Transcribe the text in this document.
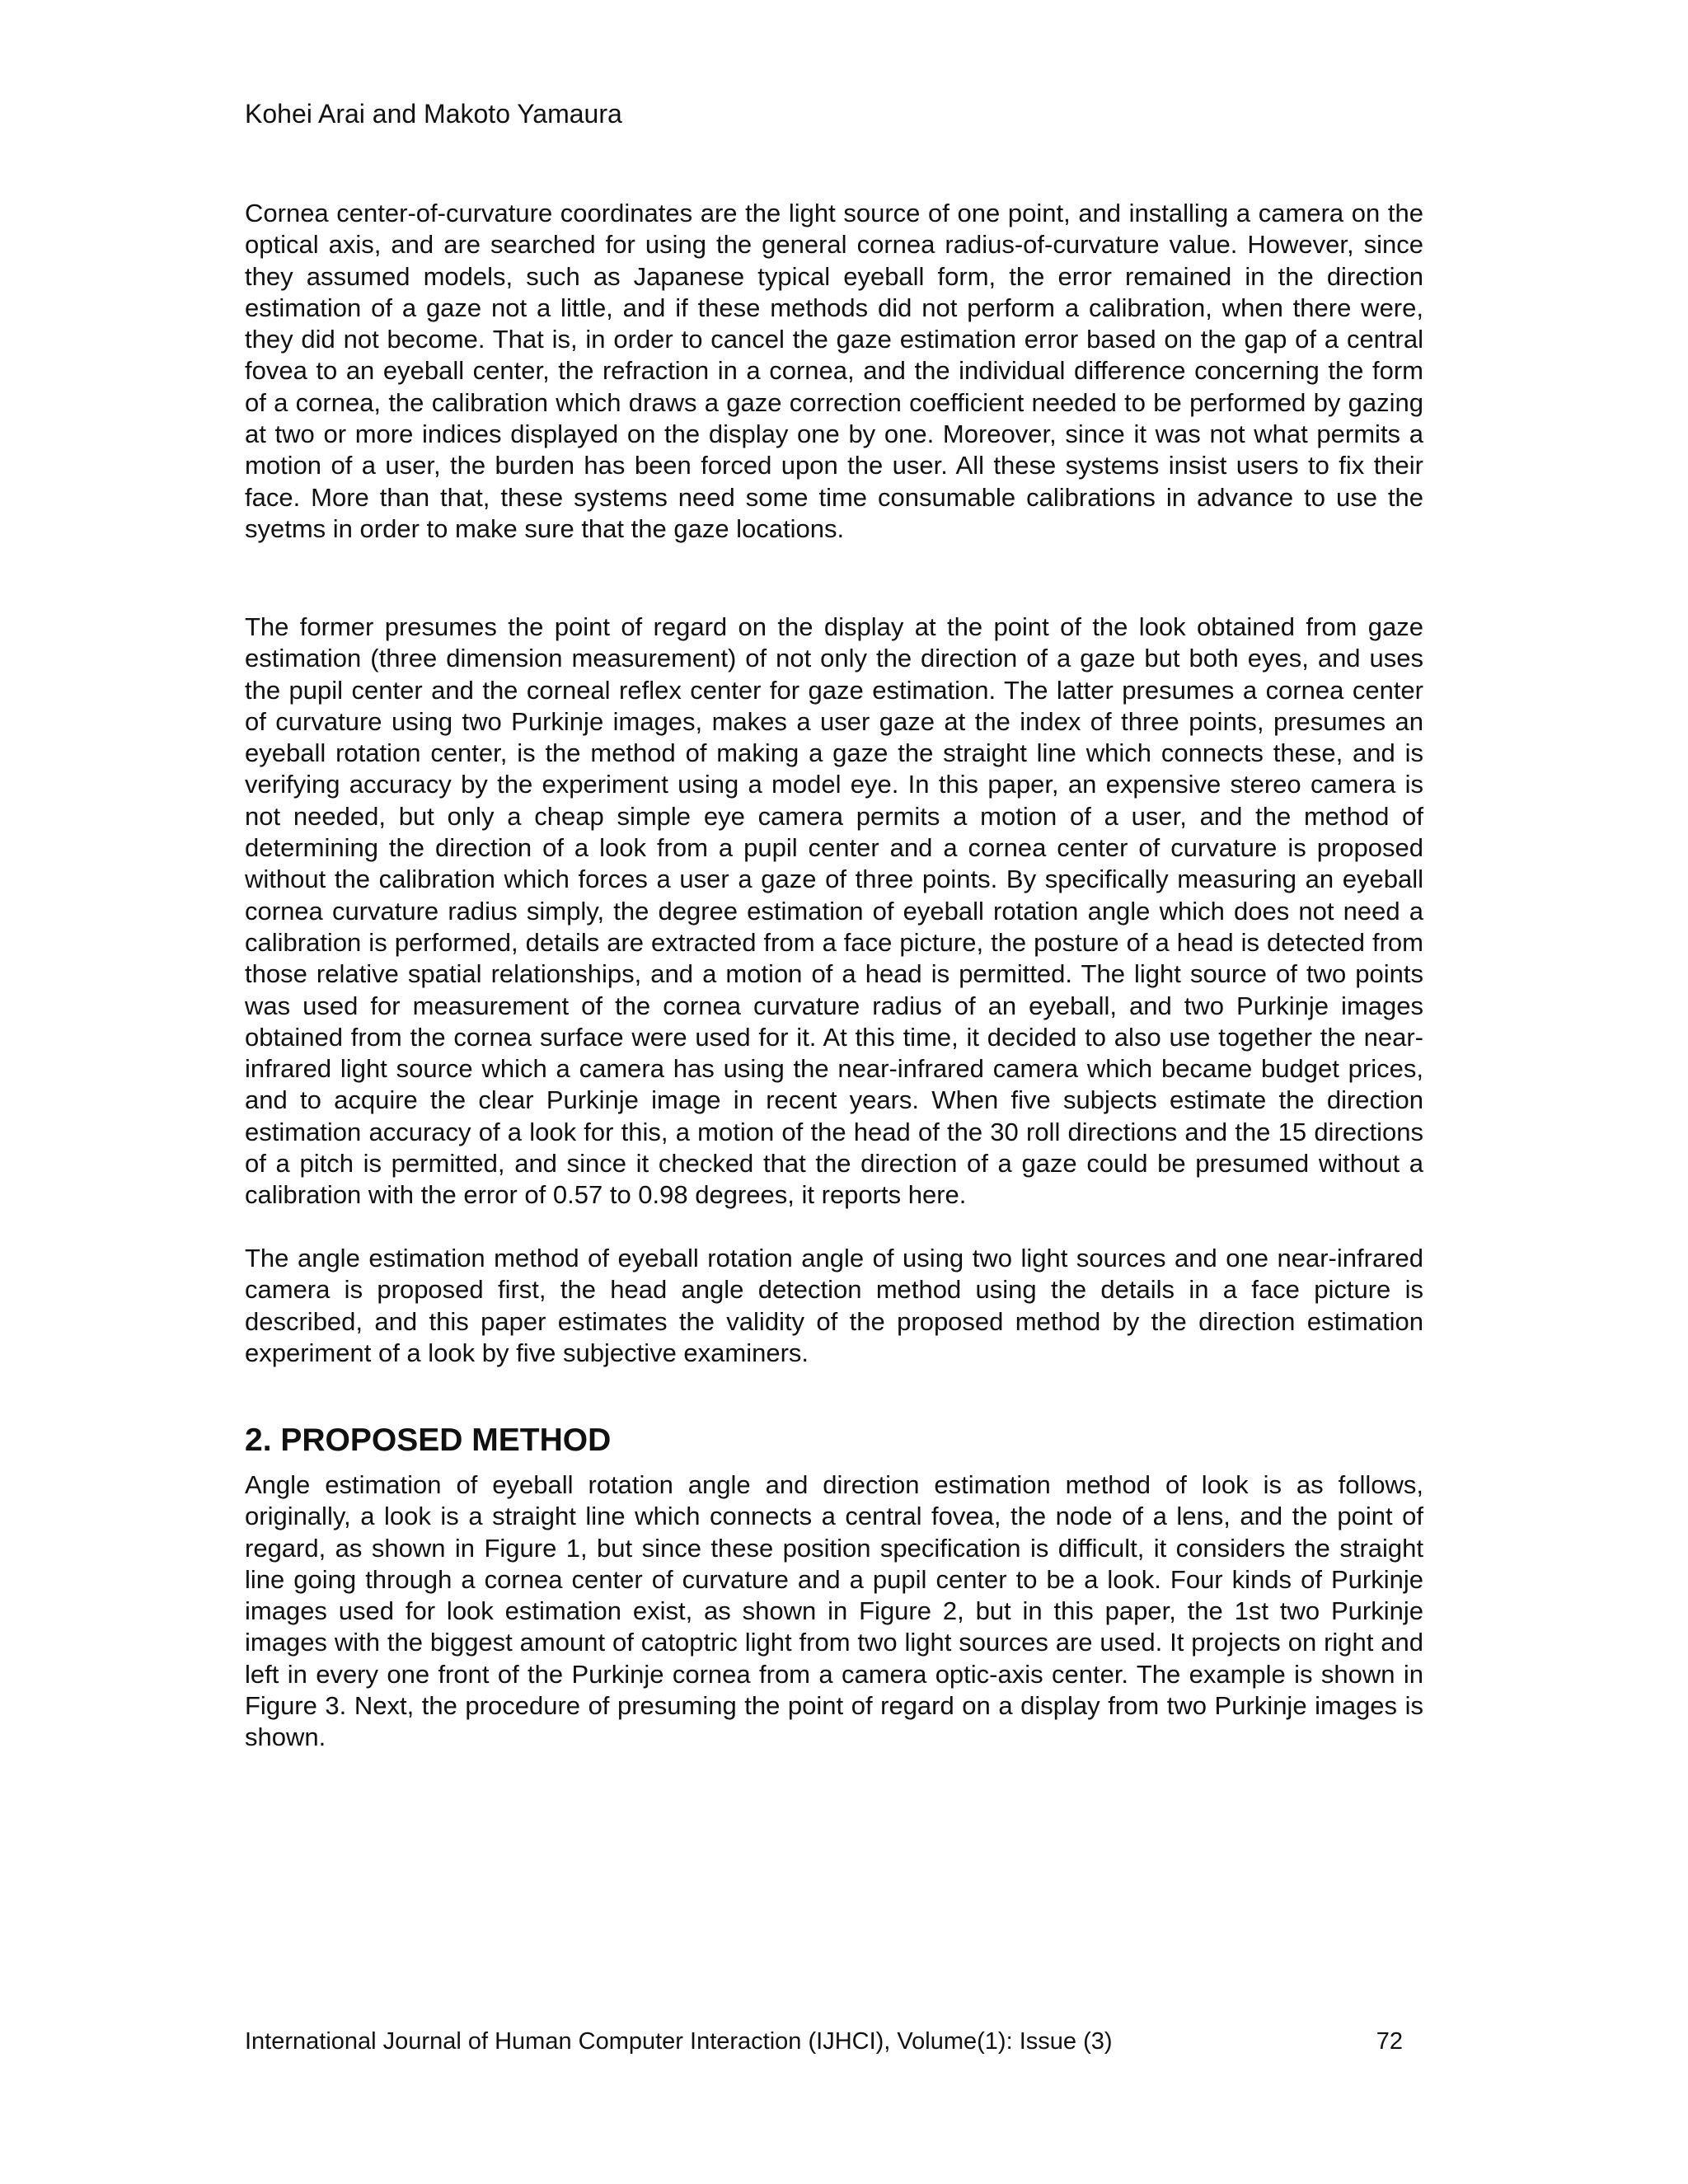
Kohei Arai and Makoto Yamaura

Cornea center-of-curvature coordinates are the light source of one point, and installing a camera on the optical axis, and are searched for using the general cornea radius-of-curvature value. However, since they assumed models, such as Japanese typical eyeball form, the error remained in the direction estimation of a gaze not a little, and if these methods did not perform a calibration, when there were, they did not become. That is, in order to cancel the gaze estimation error based on the gap of a central fovea to an eyeball center, the refraction in a cornea, and the individual difference concerning the form of a cornea, the calibration which draws a gaze correction coefficient needed to be performed by gazing at two or more indices displayed on the display one by one. Moreover, since it was not what permits a motion of a user, the burden has been forced upon the user. All these systems insist users to fix their face. More than that, these systems need some time consumable calibrations in advance to use the syetms in order to make sure that the gaze locations.

The former presumes the point of regard on the display at the point of the look obtained from gaze estimation (three dimension measurement) of not only the direction of a gaze but both eyes, and uses the pupil center and the corneal reflex center for gaze estimation. The latter presumes a cornea center of curvature using two Purkinje images, makes a user gaze at the index of three points, presumes an eyeball rotation center, is the method of making a gaze the straight line which connects these, and is verifying accuracy by the experiment using a model eye. In this paper, an expensive stereo camera is not needed, but only a cheap simple eye camera permits a motion of a user, and the method of determining the direction of a look from a pupil center and a cornea center of curvature is proposed without the calibration which forces a user a gaze of three points. By specifically measuring an eyeball cornea curvature radius simply, the degree estimation of eyeball rotation angle which does not need a calibration is performed, details are extracted from a face picture, the posture of a head is detected from those relative spatial relationships, and a motion of a head is permitted. The light source of two points was used for measurement of the cornea curvature radius of an eyeball, and two Purkinje images obtained from the cornea surface were used for it. At this time, it decided to also use together the near-infrared light source which a camera has using the near-infrared camera which became budget prices, and to acquire the clear Purkinje image in recent years. When five subjects estimate the direction estimation accuracy of a look for this, a motion of the head of the 30 roll directions and the 15 directions of a pitch is permitted, and since it checked that the direction of a gaze could be presumed without a calibration with the error of 0.57 to 0.98 degrees, it reports here.

The angle estimation method of eyeball rotation angle of using two light sources and one near-infrared camera is proposed first, the head angle detection method using the details in a face picture is described, and this paper estimates the validity of the proposed method by the direction estimation experiment of a look by five subjective examiners.

2. PROPOSED METHOD

Angle estimation of eyeball rotation angle and direction estimation method of look is as follows, originally, a look is a straight line which connects a central fovea, the node of a lens, and the point of regard, as shown in Figure 1, but since these position specification is difficult, it considers the straight line going through a cornea center of curvature and a pupil center to be a look. Four kinds of Purkinje images used for look estimation exist, as shown in Figure 2, but in this paper, the 1st two Purkinje images with the biggest amount of catoptric light from two light sources are used. It projects on right and left in every one front of the Purkinje cornea from a camera optic-axis center. The example is shown in Figure 3. Next, the procedure of presuming the point of regard on a display from two Purkinje images is shown.

International Journal of Human Computer Interaction (IJHCI), Volume(1): Issue (3)	72
